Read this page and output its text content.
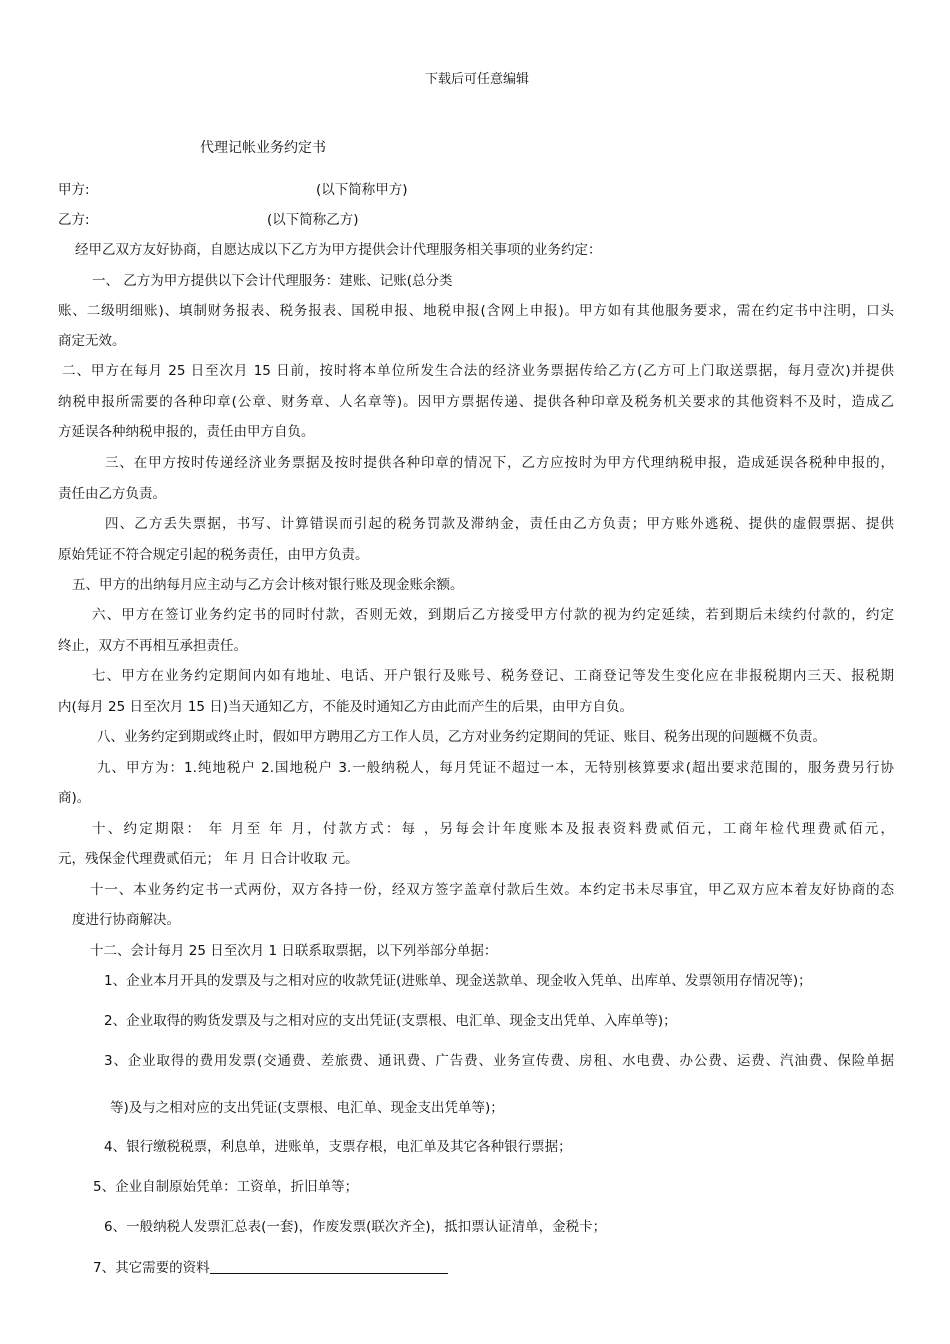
下载后可任意编辑
代理记帐业务约定书
甲方:	(以下简称甲方)
乙方:	(以下简称乙方)
经甲乙双方友好协商，自愿达成以下乙方为甲方提供会计代理服务相关事项的业务约定：
一、 乙方为甲方提供以下会计代理服务：建账、记账(总分类
账、二级明细账)、填制财务报表、税务报表、国税申报、地税申报(含网上申报)。甲方如有其他服务要求，需在约定书中注明，口头
商定无效。
二、甲方在每月 25 日至次月 15 日前，按时将本单位所发生合法的经济业务票据传给乙方(乙方可上门取送票据，每月壹次)并提供
纳税申报所需要的各种印章(公章、财务章、人名章等)。因甲方票据传递、提供各种印章及税务机关要求的其他资料不及时，造成乙
方延误各种纳税申报的，责任由甲方自负。
三、在甲方按时传递经济业务票据及按时提供各种印章的情况下，乙方应按时为甲方代理纳税申报，造成延误各税种申报的，
责任由乙方负责。
四、乙方丢失票据，书写、计算错误而引起的税务罚款及滞纳金，责任由乙方负责；甲方账外逃税、提供的虚假票据、提供
原始凭证不符合规定引起的税务责任，由甲方负责。
五、甲方的出纳每月应主动与乙方会计核对银行账及现金账余额。
六、甲方在签订业务约定书的同时付款，否则无效，到期后乙方接受甲方付款的视为约定延续，若到期后未续约付款的，约定
终止，双方不再相互承担责任。
七、甲方在业务约定期间内如有地址、电话、开户银行及账号、税务登记、工商登记等发生变化应在非报税期内三天、报税期
内(每月 25 日至次月 15 日)当天通知乙方，不能及时通知乙方由此而产生的后果，由甲方自负。
八、业务约定到期或终止时，假如甲方聘用乙方工作人员，乙方对业务约定期间的凭证、账目、税务出现的问题概不负责。
九、甲方为：1.纯地税户 2.国地税户 3.一般纳税人，每月凭证不超过一本，无特别核算要求(超出要求范围的，服务费另行协
商)。
十、约定期限： 年 月至 年 月，付款方式：每 ，另每会计年度账本及报表资料费贰佰元，工商年检代理费贰佰元，
元，残保金代理费贰佰元； 年 月 日合计收取 元。
十一、本业务约定书一式两份，双方各持一份，经双方签字盖章付款后生效。本约定书未尽事宜，甲乙双方应本着友好协商的态
度进行协商解决。
十二、会计每月 25 日至次月 1 日联系取票据，以下列举部分单据：
1、企业本月开具的发票及与之相对应的收款凭证(进账单、现金送款单、现金收入凭单、出库单、发票领用存情况等)；
2、企业取得的购货发票及与之相对应的支出凭证(支票根、电汇单、现金支出凭单、入库单等)；
3、企业取得的费用发票(交通费、差旅费、通讯费、广告费、业务宣传费、房租、水电费、办公费、运费、汽油费、保险单据
等)及与之相对应的支出凭证(支票根、电汇单、现金支出凭单等)；
4、银行缴税税票，利息单，进账单，支票存根，电汇单及其它各种银行票据；
5、企业自制原始凭单：工资单，折旧单等；
6、一般纳税人发票汇总表(一套)，作废发票(联次齐全)，抵扣票认证清单，金税卡；
7、其它需要的资料
